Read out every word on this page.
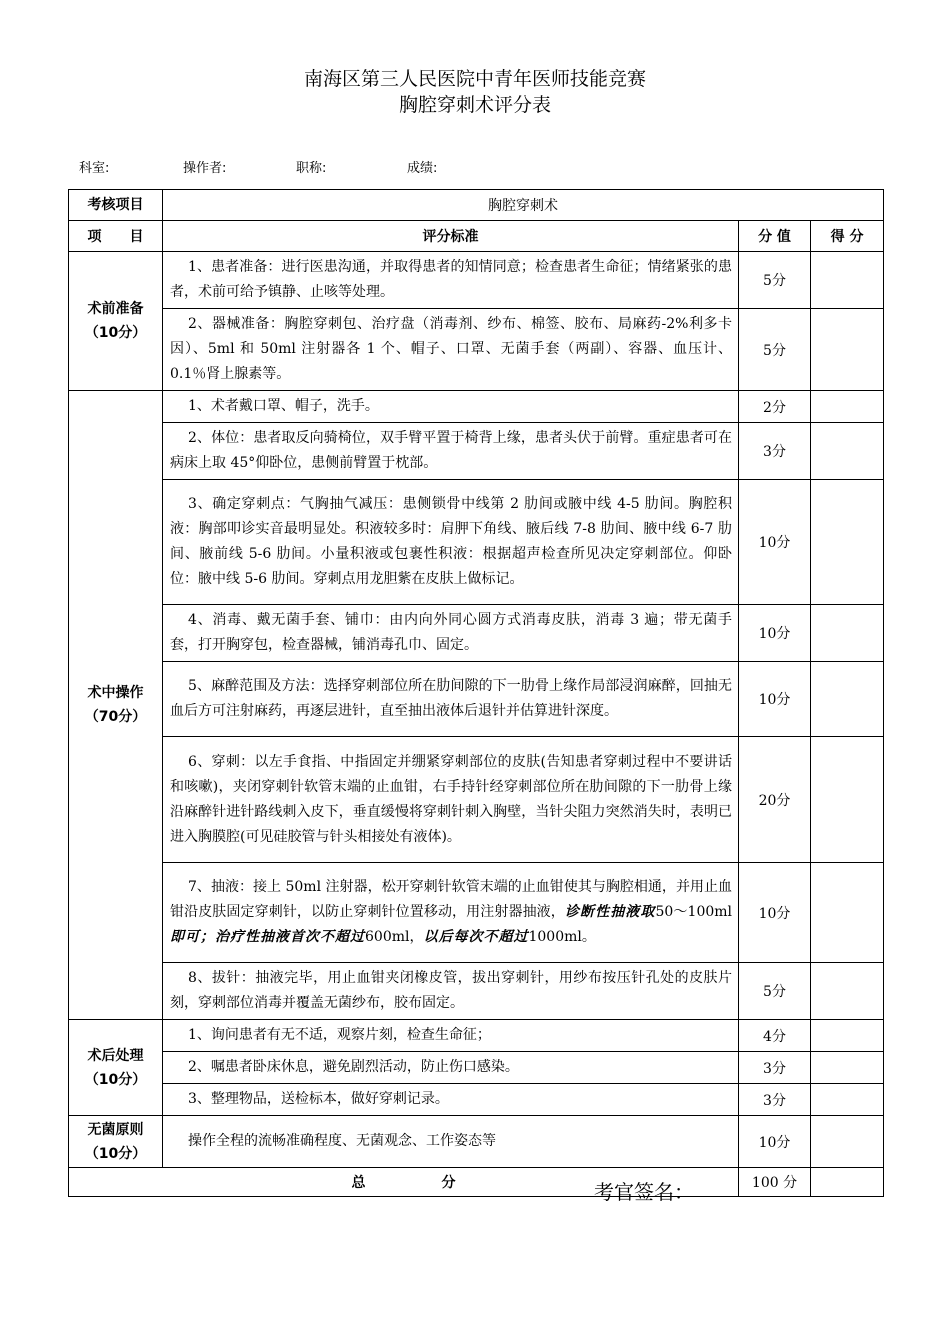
南海区第三人民医院中青年医师技能竞赛
胸腔穿刺术评分表
科室:	操作者:	职称:	成绩:
考核项目	胸腔穿刺术		
项　　目	评分标准	分 值	得 分

术前准备
（10分）	1、患者准备：进行医患沟通，并取得患者的知情同意；检查患者生命征；情绪紧张的患者，术前可给予镇静、止咳等处理。	5分	
	2、器械准备：胸腔穿刺包、治疗盘（消毒剂、纱布、棉签、胶布、局麻药-2%利多卡因）、5ml 和 50ml 注射器各 1 个、帽子、口罩、无菌手套（两副）、容器、血压计、0.1％肾上腺素等。	5分	

术中操作
（70分）	1、术者戴口罩、帽子，洗手。	2分	
	2、体位：患者取反向骑椅位，双手臂平置于椅背上缘，患者头伏于前臂。重症患者可在病床上取 45°仰卧位，患侧前臂置于枕部。	3分	
	3、确定穿刺点：气胸抽气减压：患侧锁骨中线第 2 肋间或腋中线 4-5 肋间。胸腔积液：胸部叩诊实音最明显处。积液较多时：肩胛下角线、腋后线 7-8 肋间、腋中线 6-7 肋间、腋前线 5-6 肋间。小量积液或包裹性积液：根据超声检查所见决定穿刺部位。仰卧位：腋中线 5-6 肋间。穿刺点用龙胆紫在皮肤上做标记。	10分	
	4、消毒、戴无菌手套、铺巾：由内向外同心圆方式消毒皮肤，消毒 3 遍；带无菌手套，打开胸穿包，检查器械，铺消毒孔巾、固定。	10分	
	5、麻醉范围及方法：选择穿刺部位所在肋间隙的下一肋骨上缘作局部浸润麻醉，回抽无血后方可注射麻药，再逐层进针，直至抽出液体后退针并估算进针深度。	10分	
	6、穿刺：以左手食指、中指固定并绷紧穿刺部位的皮肤(告知患者穿刺过程中不要讲话和咳嗽)，夹闭穿刺针软管末端的止血钳，右手持针经穿刺部位所在肋间隙的下一肋骨上缘沿麻醉针进针路线刺入皮下，垂直缓慢将穿刺针刺入胸壁，当针尖阻力突然消失时，表明已进入胸膜腔(可见硅胶管与针头相接处有液体)。	20分	
	7、抽液：接上 50ml 注射器，松开穿刺针软管末端的止血钳使其与胸腔相通，并用止血钳沿皮肤固定穿刺针，以防止穿刺针位置移动，用注射器抽液，诊断性抽液取50～100ml即可；治疗性抽液首次不超过600ml，以后每次不超过1000ml。	10分	
	8、拔针：抽液完毕，用止血钳夹闭橡皮管，拔出穿刺针，用纱布按压针孔处的皮肤片刻，穿刺部位消毒并覆盖无菌纱布，胶布固定。	5分	

术后处理
（10分）	1、询问患者有无不适，观察片刻，检查生命征；	4分	
	2、嘱患者卧床休息，避免剧烈活动，防止伤口感染。	3分	
	3、整理物品，送检标本，做好穿刺记录。	3分	

无菌原则
（10分）	操作全程的流畅准确程度、无菌观念、工作姿态等	10分	
总 分		100 分	
考官签名：
